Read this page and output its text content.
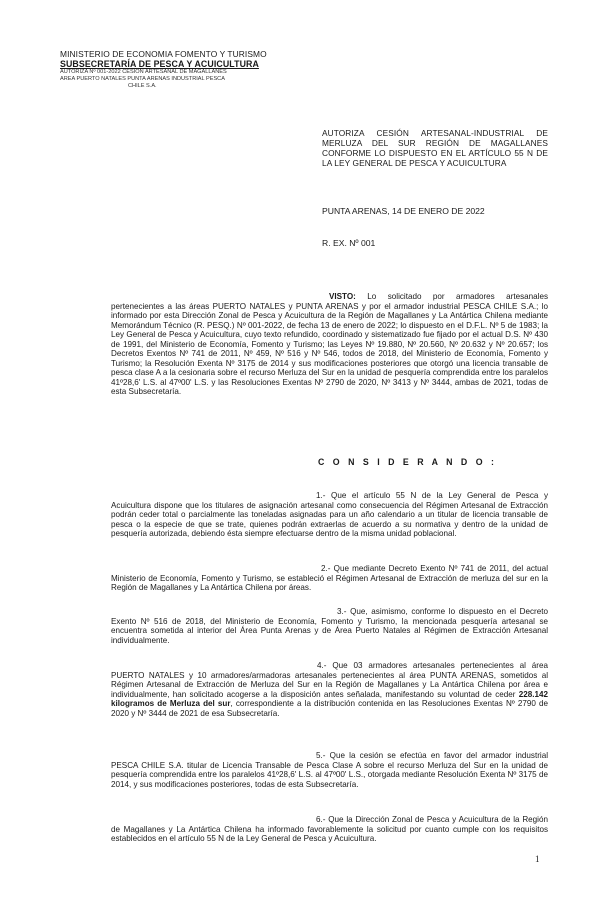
MINISTERIO DE ECONOMIA FOMENTO Y TURISMO
SUBSECRETARÍA DE PESCA Y ACUICULTURA
AUTORIZA Nº 001-2022 CESIÓN ARTESANAL DE MAGALLANES
AREA PUERTO NATALES PUNTA ARENAS INDUSTRIAL PESCA
CHILE S.A.
AUTORIZA CESIÓN ARTESANAL-INDUSTRIAL DE MERLUZA DEL SUR REGIÓN DE MAGALLANES CONFORME LO DISPUESTO EN EL ARTÍCULO 55 N DE LA LEY GENERAL DE PESCA Y ACUICULTURA
PUNTA ARENAS, 14 DE ENERO DE 2022
R. EX. Nº 001
VISTO: Lo solicitado por armadores artesanales pertenecientes a las áreas PUERTO NATALES y PUNTA ARENAS y por el armador industrial PESCA CHILE S.A.; lo informado por esta Dirección Zonal de Pesca y Acuicultura de la Región de Magallanes y La Antártica Chilena mediante Memorándum Técnico (R. PESQ.) Nº 001-2022, de fecha 13 de enero de 2022; lo dispuesto en el D.F.L. Nº 5 de 1983; la Ley General de Pesca y Acuicultura, cuyo texto refundido, coordinado y sistematizado fue fijado por el actual D.S. Nº 430 de 1991, del Ministerio de Economía, Fomento y Turismo; las Leyes Nº 19.880, Nº 20.560, Nº 20.632 y Nº 20.657; los Decretos Exentos Nº 741 de 2011, Nº 459, Nº 516 y Nº 546, todos de 2018, del Ministerio de Economía, Fomento y Turismo; la Resolución Exenta Nº 3175 de 2014 y sus modificaciones posteriores que otorgó una licencia transable de pesca clase A a la cesionaria sobre el recurso Merluza del Sur en la unidad de pesquería comprendida entre los paralelos 41º28,6' L.S. al 47º00' L.S. y las Resoluciones Exentas Nº 2790 de 2020, Nº 3413 y Nº 3444, ambas de 2021, todas de esta Subsecretaría.
C O N S I D E R A N D O :
1.- Que el artículo 55 N de la Ley General de Pesca y Acuicultura dispone que los titulares de asignación artesanal como consecuencia del Régimen Artesanal de Extracción podrán ceder total o parcialmente las toneladas asignadas para un año calendario a un titular de licencia transable de pesca o la especie de que se trate, quienes podrán extraerlas de acuerdo a su normativa y dentro de la unidad de pesquería autorizada, debiendo ésta siempre efectuarse dentro de la misma unidad poblacional.
2.- Que mediante Decreto Exento Nº 741 de 2011, del actual Ministerio de Economía, Fomento y Turismo, se estableció el Régimen Artesanal de Extracción de merluza del sur en la Región de Magallanes y La Antártica Chilena por áreas.
3.- Que, asimismo, conforme lo dispuesto en el Decreto Exento Nº 516 de 2018, del Ministerio de Economía, Fomento y Turismo, la mencionada pesquería artesanal se encuentra sometida al interior del Área Punta Arenas y de Área Puerto Natales al Régimen de Extracción Artesanal individualmente.
4.- Que 03 armadores artesanales pertenecientes al área PUERTO NATALES y 10 armadores/armadoras artesanales pertenecientes al área PUNTA ARENAS, sometidos al Régimen Artesanal de Extracción de Merluza del Sur en la Región de Magallanes y La Antártica Chilena por área e individualmente, han solicitado acogerse a la disposición antes señalada, manifestando su voluntad de ceder 228.142 kilogramos de Merluza del sur, correspondiente a la distribución contenida en las Resoluciones Exentas Nº 2790 de 2020 y Nº 3444 de 2021 de esa Subsecretaría.
5.- Que la cesión se efectúa en favor del armador industrial PESCA CHILE S.A. titular de Licencia Transable de Pesca Clase A sobre el recurso Merluza del Sur en la unidad de pesquería comprendida entre los paralelos 41º28,6' L.S. al 47º00' L.S., otorgada mediante Resolución Exenta Nº 3175 de 2014, y sus modificaciones posteriores, todas de esta Subsecretaría.
6.- Que la Dirección Zonal de Pesca y Acuicultura de la Región de Magallanes y La Antártica Chilena ha informado favorablemente la solicitud por cuanto cumple con los requisitos establecidos en el artículo 55 N de la Ley General de Pesca y Acuicultura.
1
